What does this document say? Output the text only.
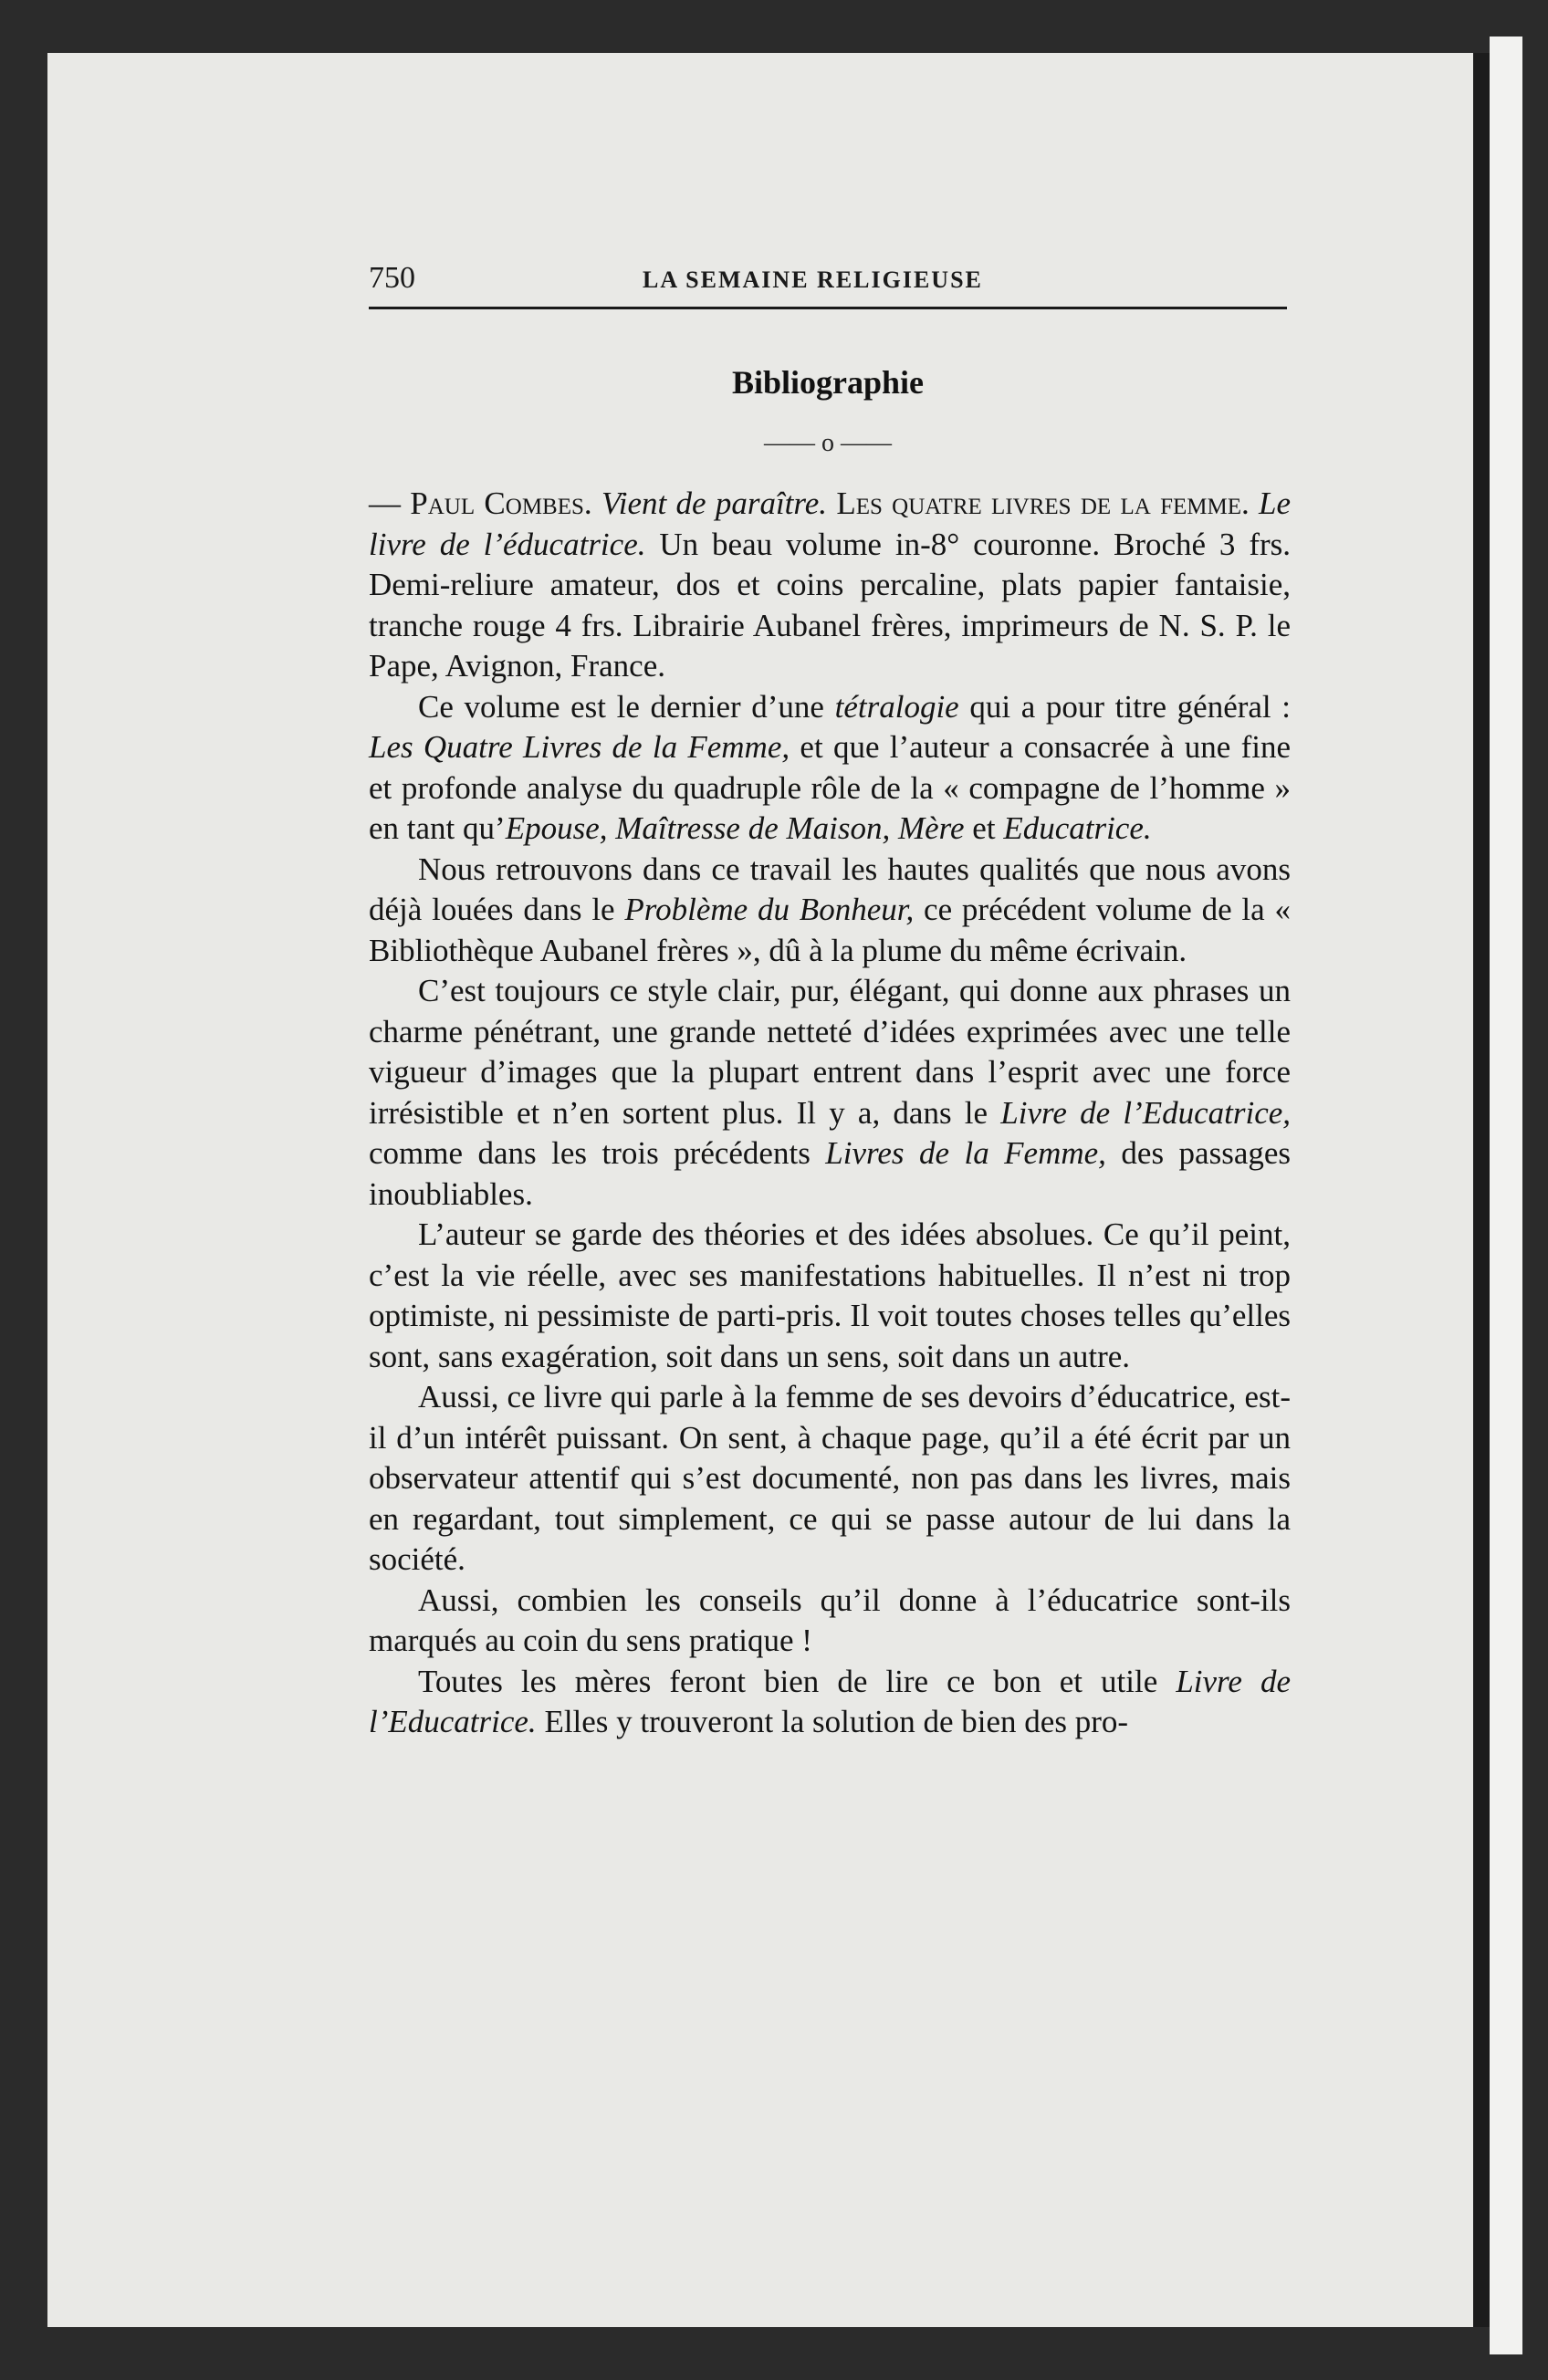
750	LA SEMAINE RELIGIEUSE
Bibliographie
—— o ——

— Paul Combes. Vient de paraître. Les quatre livres de la femme. Le livre de l’éducatrice. Un beau volume in-8° couronne. Broché 3 frs. Demi-reliure amateur, dos et coins percaline, plats papier fantaisie, tranche rouge 4 frs. Librairie Aubanel frères, imprimeurs de N. S. P. le Pape, Avignon, France.

Ce volume est le dernier d’une tétralogie qui a pour titre général : Les Quatre Livres de la Femme, et que l’auteur a consacrée à une fine et profonde analyse du quadruple rôle de la « compagne de l’homme » en tant qu’Epouse, Maîtresse de Maison, Mère et Educatrice.

Nous retrouvons dans ce travail les hautes qualités que nous avons déjà louées dans le Problème du Bonheur, ce précédent volume de la « Bibliothèque Aubanel frères », dû à la plume du même écrivain.

C’est toujours ce style clair, pur, élégant, qui donne aux phrases un charme pénétrant, une grande netteté d’idées exprimées avec une telle vigueur d’images que la plupart entrent dans l’esprit avec une force irrésistible et n’en sortent plus. Il y a, dans le Livre de l’Educatrice, comme dans les trois précédents Livres de la Femme, des passages inoubliables.

L’auteur se garde des théories et des idées absolues. Ce qu’il peint, c’est la vie réelle, avec ses manifestations habituelles. Il n’est ni trop optimiste, ni pessimiste de parti-pris. Il voit toutes choses telles qu’elles sont, sans exagération, soit dans un sens, soit dans un autre.

Aussi, ce livre qui parle à la femme de ses devoirs d’éducatrice, est-il d’un intérêt puissant. On sent, à chaque page, qu’il a été écrit par un observateur attentif qui s’est documenté, non pas dans les livres, mais en regardant, tout simplement, ce qui se passe autour de lui dans la société.

Aussi, combien les conseils qu’il donne à l’éducatrice sont-ils marqués au coin du sens pratique !

Toutes les mères feront bien de lire ce bon et utile Livre de l’Educatrice. Elles y trouveront la solution de bien des pro-
